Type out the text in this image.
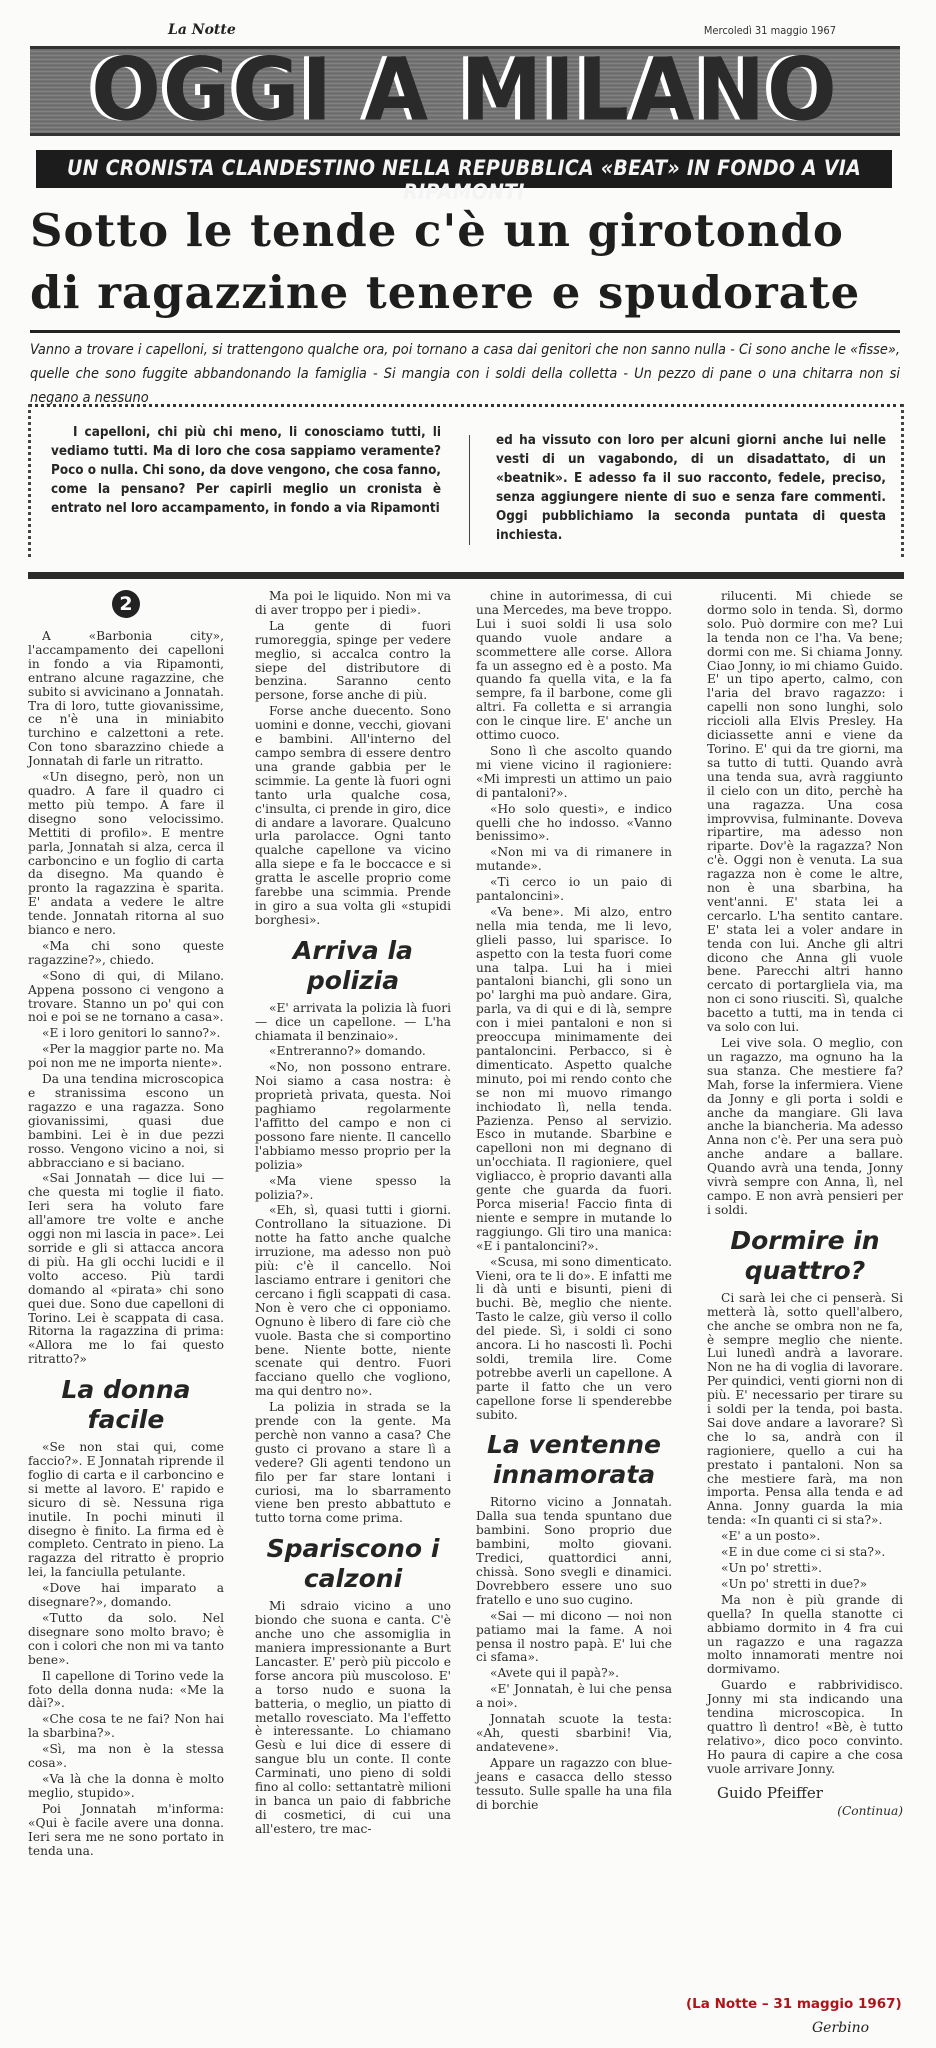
La Notte	Mercoledì 31 maggio 1967
OGGI A MILANO
UN CRONISTA CLANDESTINO NELLA REPUBBLICA «BEAT» IN FONDO A VIA RIPAMONTI
Sotto le tende c'è un girotondo
di ragazzine tenere e spudorate
Vanno a trovare i capelloni, si trattengono qualche ora, poi tornano a casa dai genitori che non sanno nulla - Ci sono anche le «fisse», quelle che sono fuggite abbandonando la famiglia - Si mangia con i soldi della colletta - Un pezzo di pane o una chitarra non si negano a nessuno
I capelloni, chi più chi meno, li conosciamo tutti, li vediamo tutti. Ma di loro che cosa sappiamo veramente? Poco o nulla. Chi sono, da dove vengono, che cosa fanno, come la pensano? Per capirli meglio un cronista è entrato nel loro accampamento, in fondo a via Ripamonti
ed ha vissuto con loro per alcuni giorni anche lui nelle vesti di un vagabondo, di un disadattato, di un «beatnik». E adesso fa il suo racconto, fedele, preciso, senza aggiungere niente di suo e senza fare commenti. Oggi pubblichiamo la seconda puntata di questa inchiesta.
2

A «Barbonia city», l'accampamento dei capelloni in fondo a via Ripamonti, entrano alcune ragazzine, che subito si avvicinano a Jonnatah. Tra di loro, tutte giovanissime, ce n'è una in miniabito turchino e calzettoni a rete. Con tono sbarazzino chiede a Jonnatah di farle un ritratto.

«Un disegno, però, non un quadro. A fare il quadro ci metto più tempo. A fare il disegno sono velocissimo. Mettiti di profilo». E mentre parla, Jonnatah si alza, cerca il carboncino e un foglio di carta da disegno. Ma quando è pronto la ragazzina è sparita. E' andata a vedere le altre tende. Jonnatah ritorna al suo bianco e nero.

«Ma chi sono queste ragazzine?», chiedo.

«Sono di qui, di Milano. Appena possono ci vengono a trovare. Stanno un po' qui con noi e poi se ne tornano a casa».

«E i loro genitori lo sanno?».

«Per la maggior parte no. Ma poi non me ne importa niente».

Da una tendina microscopica e stranissima escono un ragazzo e una ragazza. Sono giovanissimi, quasi due bambini. Lei è in due pezzi rosso. Vengono vicino a noi, si abbracciano e si baciano.

«Sai Jonnatah — dice lui — che questa mi toglie il fiato. Ieri sera ha voluto fare all'amore tre volte e anche oggi non mi lascia in pace». Lei sorride e gli si attacca ancora di più. Ha gli occhi lucidi e il volto acceso. Più tardi domando al «pirata» chi sono quei due. Sono due capelloni di Torino. Lei è scappata di casa. Ritorna la ragazzina di prima: «Allora me lo fai questo ritratto?»

La donna facile

«Se non stai qui, come faccio?». E Jonnatah riprende il foglio di carta e il carboncino e si mette al lavoro. E' rapido e sicuro di sè. Nessuna riga inutile. In pochi minuti il disegno è finito. La firma ed è completo. Centrato in pieno. La ragazza del ritratto è proprio lei, la fanciulla petulante.

«Dove hai imparato a disegnare?», domando.

«Tutto da solo. Nel disegnare sono molto bravo; è con i colori che non mi va tanto bene».

Il capellone di Torino vede la foto della donna nuda: «Me la dài?».

«Che cosa te ne fai? Non hai la sbarbina?».

«Sì, ma non è la stessa cosa».

«Va là che la donna è molto meglio, stupido».

Poi Jonnatah m'informa: «Qui è facile avere una donna. Ieri sera me ne sono portato in tenda una.

Ma poi le liquido. Non mi va di aver troppo per i piedi».

La gente di fuori rumoreggia, spinge per vedere meglio, si accalca contro la siepe del distributore di benzina. Saranno cento persone, forse anche di più.

Forse anche duecento. Sono uomini e donne, vecchi, giovani e bambini. All'interno del campo sembra di essere dentro una grande gabbia per le scimmie. La gente là fuori ogni tanto urla qualche cosa, c'insulta, ci prende in giro, dice di andare a lavorare. Qualcuno urla parolacce. Ogni tanto qualche capellone va vicino alla siepe e fa le boccacce e si gratta le ascelle proprio come farebbe una scimmia. Prende in giro a sua volta gli «stupidi borghesi».

Arriva la polizia

«E' arrivata la polizia là fuori — dice un capellone. — L'ha chiamata il benzinaio».

«Entreranno?» domando.

«No, non possono entrare. Noi siamo a casa nostra: è proprietà privata, questa. Noi paghiamo regolarmente l'affitto del campo e non ci possono fare niente. Il cancello l'abbiamo messo proprio per la polizia»

«Ma viene spesso la polizia?».

«Eh, sì, quasi tutti i giorni. Controllano la situazione. Di notte ha fatto anche qualche irruzione, ma adesso non può più: c'è il cancello. Noi lasciamo entrare i genitori che cercano i figli scappati di casa. Non è vero che ci opponiamo. Ognuno è libero di fare ciò che vuole. Basta che si comportino bene. Niente botte, niente scenate qui dentro. Fuori facciano quello che vogliono, ma qui dentro no».

La polizia in strada se la prende con la gente. Ma perchè non vanno a casa? Che gusto ci provano a stare lì a vedere? Gli agenti tendono un filo per far stare lontani i curiosi, ma lo sbarramento viene ben presto abbattuto e tutto torna come prima.

Spariscono i calzoni

Mi sdraio vicino a uno biondo che suona e canta. C'è anche uno che assomiglia in maniera impressionante a Burt Lancaster. E' però più piccolo e forse ancora più muscoloso. E' a torso nudo e suona la batteria, o meglio, un piatto di metallo rovesciato. Ma l'effetto è interessante. Lo chiamano Gesù e lui dice di essere di sangue blu un conte. Il conte Carminati, uno pieno di soldi fino al collo: settantatrè milioni in banca un paio di fabbriche di cosmetici, di cui una all'estero, tre mac-

chine in autorimessa, di cui una Mercedes, ma beve troppo. Lui i suoi soldi li usa solo quando vuole andare a scommettere alle corse. Allora fa un assegno ed è a posto. Ma quando fa quella vita, e la fa sempre, fa il barbone, come gli altri. Fa colletta e si arrangia con le cinque lire. E' anche un ottimo cuoco.

Sono lì che ascolto quando mi viene vicino il ragioniere: «Mi impresti un attimo un paio di pantaloni?».

«Ho solo questi», e indico quelli che ho indosso. «Vanno benissimo».

«Non mi va di rimanere in mutande».

«Ti cerco io un paio di pantaloncini».

«Va bene». Mi alzo, entro nella mia tenda, me li levo, glieli passo, lui sparisce. Io aspetto con la testa fuori come una talpa. Lui ha i miei pantaloni bianchi, gli sono un po' larghi ma può andare. Gira, parla, va di qui e di là, sempre con i miei pantaloni e non si preoccupa minimamente dei pantaloncini. Perbacco, si è dimenticato. Aspetto qualche minuto, poi mi rendo conto che se non mi muovo rimango inchiodato lì, nella tenda. Pazienza. Penso al servizio. Esco in mutande. Sbarbine e capelloni non mi degnano di un'occhiata. Il ragioniere, quel vigliacco, è proprio davanti alla gente che guarda da fuori. Porca miseria! Faccio finta di niente e sempre in mutande lo raggiungo. Gli tiro una manica: «E i pantaloncini?».

«Scusa, mi sono dimenticato. Vieni, ora te li do». E infatti me li dà unti e bisunti, pieni di buchi. Bè, meglio che niente. Tasto le calze, giù verso il collo del piede. Sì, i soldi ci sono ancora. Li ho nascosti lì. Pochi soldi, tremila lire. Come potrebbe averli un capellone. A parte il fatto che un vero capellone forse li spenderebbe subito.

La ventenne innamorata

Ritorno vicino a Jonnatah. Dalla sua tenda spuntano due bambini. Sono proprio due bambini, molto giovani. Tredici, quattordici anni, chissà. Sono svegli e dinamici. Dovrebbero essere uno suo fratello e uno suo cugino.

«Sai — mi dicono — noi non patiamo mai la fame. A noi pensa il nostro papà. E' lui che ci sfama».

«Avete qui il papà?».

«E' Jonnatah, è lui che pensa a noi».

Jonnatah scuote la testa: «Ah, questi sbarbini! Via, andatevene».

Appare un ragazzo con blue-jeans e casacca dello stesso tessuto. Sulle spalle ha una fila di borchie

rilucenti. Mi chiede se dormo solo in tenda. Sì, dormo solo. Può dormire con me? Lui la tenda non ce l'ha. Va bene; dormi con me. Si chiama Jonny. Ciao Jonny, io mi chiamo Guido. E' un tipo aperto, calmo, con l'aria del bravo ragazzo: i capelli non sono lunghi, solo riccioli alla Elvis Presley. Ha diciassette anni e viene da Torino. E' qui da tre giorni, ma sa tutto di tutti. Quando avrà una tenda sua, avrà raggiunto il cielo con un dito, perchè ha una ragazza. Una cosa improvvisa, fulminante. Doveva ripartire, ma adesso non riparte. Dov'è la ragazza? Non c'è. Oggi non è venuta. La sua ragazza non è come le altre, non è una sbarbina, ha vent'anni. E' stata lei a cercarlo. L'ha sentito cantare. E' stata lei a voler andare in tenda con lui. Anche gli altri dicono che Anna gli vuole bene. Parecchi altri hanno cercato di portargliela via, ma non ci sono riusciti. Sì, qualche bacetto a tutti, ma in tenda ci va solo con lui.

Lei vive sola. O meglio, con un ragazzo, ma ognuno ha la sua stanza. Che mestiere fa? Mah, forse la infermiera. Viene da Jonny e gli porta i soldi e anche da mangiare. Gli lava anche la biancheria. Ma adesso Anna non c'è. Per una sera può anche andare a ballare. Quando avrà una tenda, Jonny vivrà sempre con Anna, lì, nel campo. E non avrà pensieri per i soldi.

Dormire in quattro?

Ci sarà lei che ci penserà. Si metterà là, sotto quell'albero, che anche se ombra non ne fa, è sempre meglio che niente. Lui lunedì andrà a lavorare. Non ne ha di voglia di lavorare. Per quindici, venti giorni non di più. E' necessario per tirare su i soldi per la tenda, poi basta. Sai dove andare a lavorare? Sì che lo sa, andrà con il ragioniere, quello a cui ha prestato i pantaloni. Non sa che mestiere farà, ma non importa. Pensa alla tenda e ad Anna. Jonny guarda la mia tenda: «In quanti ci si sta?».

«E' a un posto».

«E in due come ci si sta?».

«Un po' stretti».

«Un po' stretti in due?»

Ma non è più grande di quella? In quella stanotte ci abbiamo dormito in 4 fra cui un ragazzo e una ragazza molto innamorati mentre noi dormivamo.

Guardo e rabbrividisco. Jonny mi sta indicando una tendina microscopica. In quattro lì dentro! «Bè, è tutto relativo», dico poco convinto. Ho paura di capire a che cosa vuole arrivare Jonny.

Guido Pfeiffer
(Continua)
(La Notte – 31 maggio 1967)
Gerbino
